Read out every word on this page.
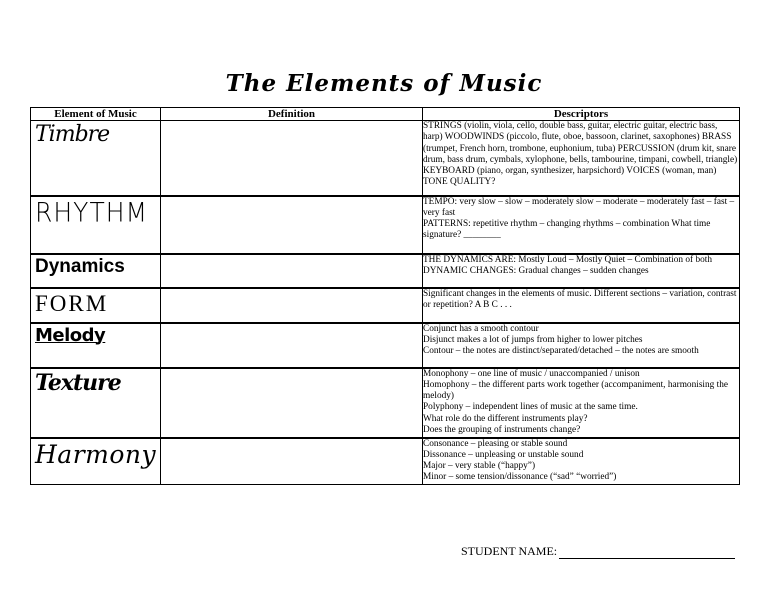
The Elements of Music
Element of Music	Definition	Descriptors

Timbre		STRINGS (violin, viola, cello, double bass, guitar, electric guitar, electric bass, harp) WOODWINDS (piccolo, flute, oboe, bassoon, clarinet, saxophones) BRASS (trumpet, French horn, trombone, euphonium, tuba) PERCUSSION (drum kit, snare drum, bass drum, cymbals, xylophone, bells, tambourine, timpani, cowbell, triangle) KEYBOARD (piano, organ, synthesizer, harpsichord) VOICES (woman, man) TONE QUALITY?

RHYTHM		TEMPO: very slow – slow – moderately slow – moderate – moderately fast – fast – very fast
PATTERNS: repetitive rhythm – changing rhythms – combination What time signature? ________

Dynamics		THE DYNAMICS ARE: Mostly Loud – Mostly Quiet – Combination of both DYNAMIC CHANGES: Gradual changes – sudden changes

FORM		Significant changes in the elements of music. Different sections – variation, contrast or repetition? A B C . . .

Melody		Conjunct has a smooth contour
Disjunct makes a lot of jumps from higher to lower pitches
Contour – the notes are distinct/separated/detached – the notes are smooth

Texture		Monophony – one line of music / unaccompanied / unison
Homophony – the different parts work together (accompaniment, harmonising the melody)
Polyphony – independent lines of music at the same time.
What role do the different instruments play?
Does the grouping of instruments change?

Harmony		Consonance – pleasing or stable sound
Dissonance – unpleasing or unstable sound
Major – very stable (“happy”)
Minor – some tension/dissonance (“sad” “worried”)
STUDENT NAME:
